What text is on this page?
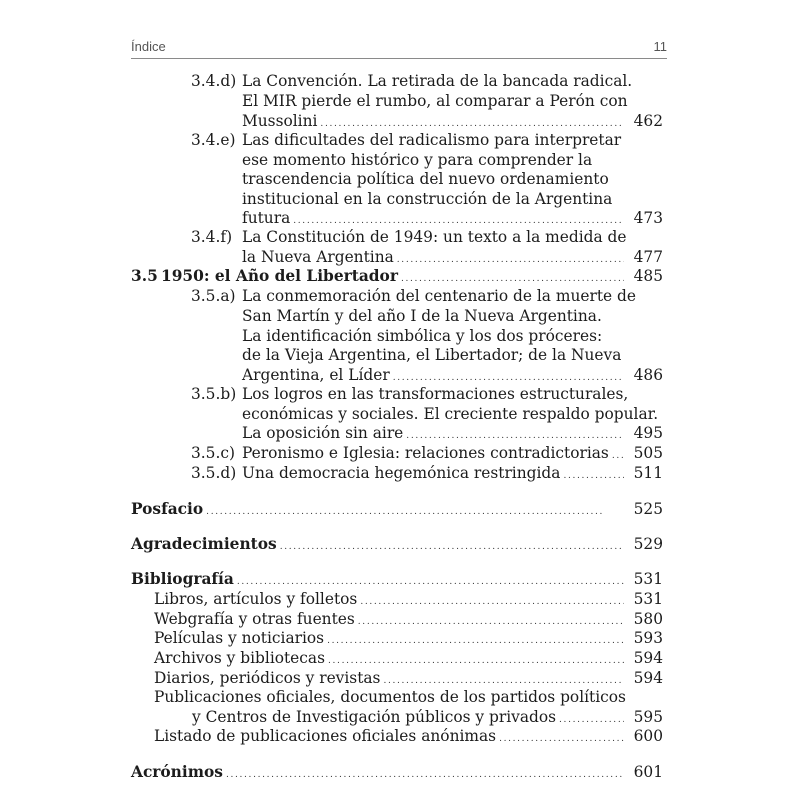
Índice	11
3.4.d) La Convención. La retirada de la bancada radical.
El MIR pierde el rumbo, al comparar a Perón con
Mussolini . . .	462
3.4.e) Las dificultades del radicalismo para interpretar
ese momento histórico y para comprender la
trascendencia política del nuevo ordenamiento
institucional en la construcción de la Argentina
futura . . .	473
3.4.f) La Constitución de 1949: un texto a la medida de
la Nueva Argentina . . .	477
3.5 1950: el Año del Libertador . . .	485
3.5.a) La conmemoración del centenario de la muerte de
San Martín y del año I de la Nueva Argentina.
La identificación simbólica y los dos próceres:
de la Vieja Argentina, el Libertador; de la Nueva
Argentina, el Líder . . .	486
3.5.b) Los logros en las transformaciones estructurales,
económicas y sociales. El creciente respaldo popular.
La oposición sin aire . . .	495
3.5.c) Peronismo e Iglesia: relaciones contradictorias . . . 505
3.5.d) Una democracia hegemónica restringida . . .	511
Posfacio . . .	525
Agradecimientos . . .	529
Bibliografía . . .	531
Libros, artículos y folletos . . .	531
Webgrafía y otras fuentes . . .	580
Películas y noticiarios . . .	593
Archivos y bibliotecas . . .	594
Diarios, periódicos y revistas . . .	594
Publicaciones oficiales, documentos de los partidos políticos
y Centros de Investigación públicos y privados . . .	595
Listado de publicaciones oficiales anónimas . . .	600
Acrónimos . . .	601
